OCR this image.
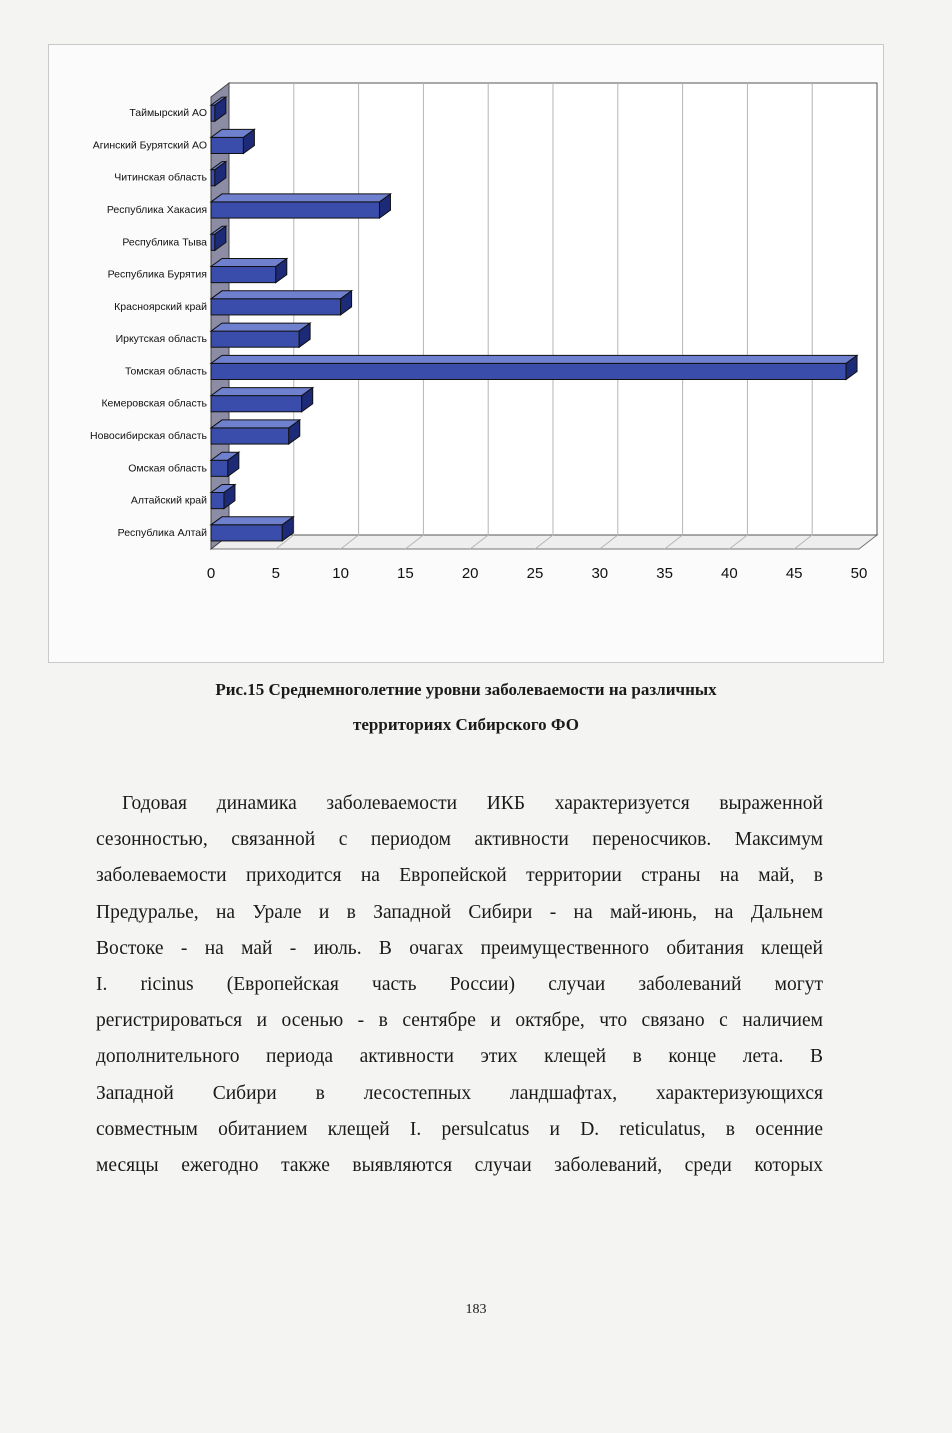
Таймырский АО
Агинский Бурятский АО
Читинская область
Республика Хакасия
Республика Тыва
Республика Бурятия
Красноярский край
Иркутская область
Томская область
Кемеровская область
Новосибирская область
Омская область
Алтайский край
Республика Алтай
0	5	10	15	20	25	30	35	40	45	50
Рис.15 Среднемноголетние уровни заболеваемости на различных
территориях Сибирского ФО
Годовая динамика заболеваемости ИКБ характеризуется выраженной
сезонностью, связанной с периодом активности переносчиков. Максимум
заболеваемости приходится на Европейской территории страны на май, в
Предуралье, на Урале и в Западной Сибири - на май-июнь, на Дальнем
Востоке - на май - июль. В очагах преимущественного обитания клещей
I. ricinus (Европейская часть России) случаи заболеваний могут
регистрироваться и осенью - в сентябре и октябре, что связано с наличием
дополнительного периода активности этих клещей в конце лета. В
Западной Сибири в лесостепных ландшафтах, характеризующихся
совместным обитанием клещей I. persulcatus и D. reticulatus, в осенние
месяцы ежегодно также выявляются случаи заболеваний, среди которых
183
